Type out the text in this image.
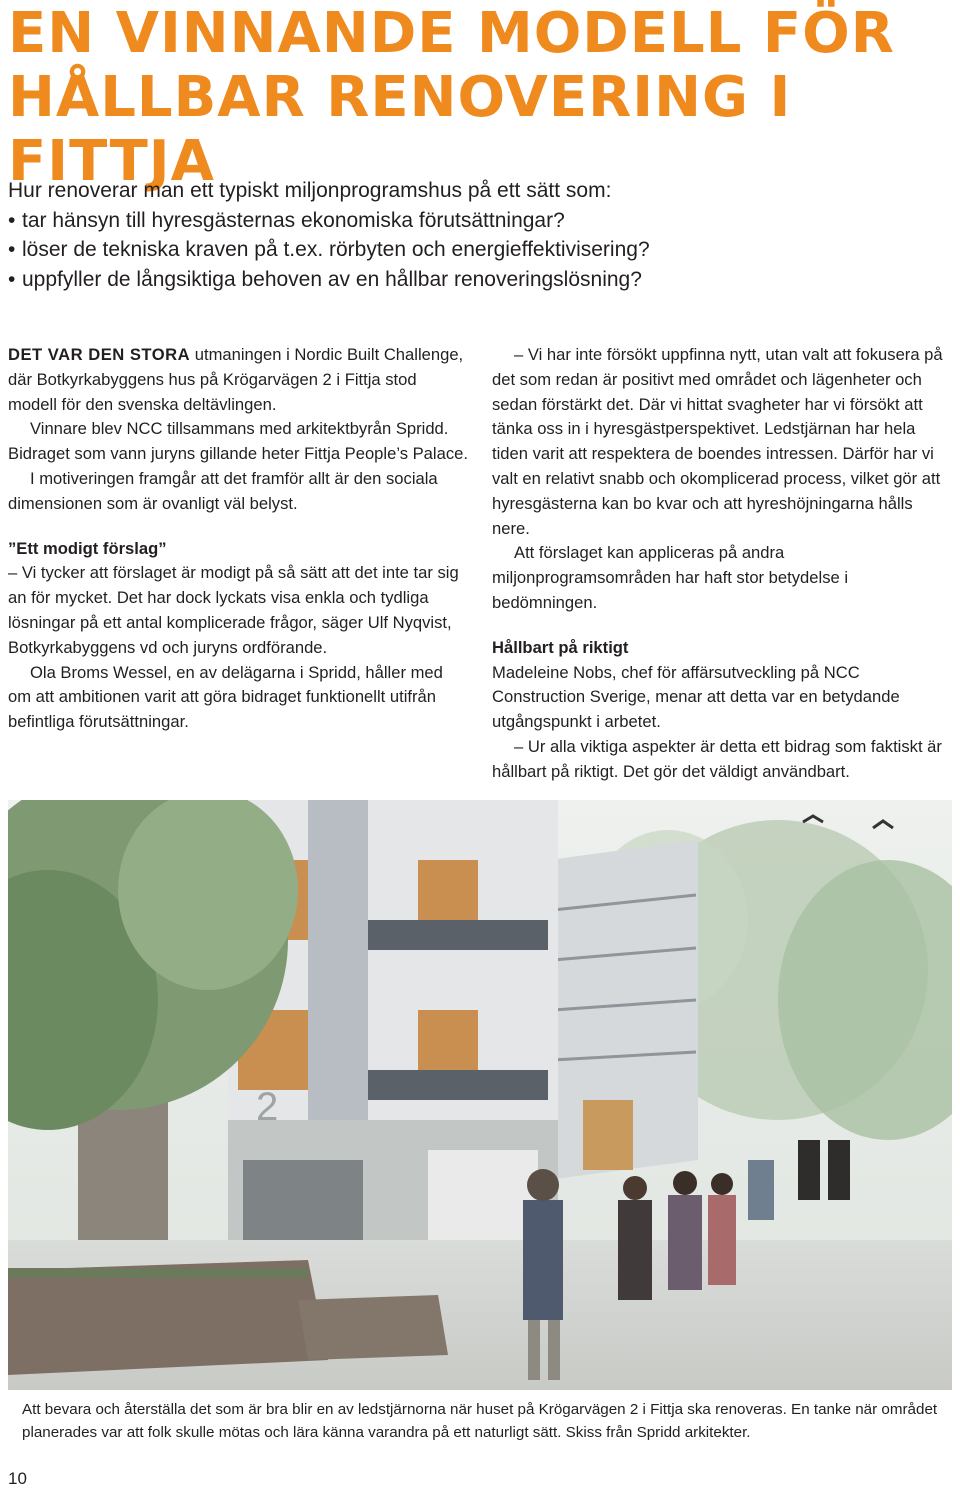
EN VINNANDE MODELL FÖR
HÅLLBAR RENOVERING I FITTJA
Hur renoverar man ett typiskt miljonprogramshus på ett sätt som:
• tar hänsyn till hyresgästernas ekonomiska förutsättningar?
• löser de tekniska kraven på t.ex. rörbyten och energieffektivisering?
• uppfyller de långsiktiga behoven av en hållbar renoveringslösning?

DET VAR DEN STORA utmaningen i Nordic Built Challenge, där Botkyrkabyggens hus på Krögarvägen 2 i Fittja stod modell för den svenska deltävlingen.

Vinnare blev NCC tillsammans med arkitektbyrån Spridd. Bidraget som vann juryns gillande heter Fittja People’s Palace.

I motiveringen framgår att det framför allt är den sociala dimensionen som är ovanligt väl belyst.

”Ett modigt förslag”

– Vi tycker att förslaget är modigt på så sätt att det inte tar sig an för mycket. Det har dock lyckats visa enkla och tydliga lösningar på ett antal komplicerade frågor, säger Ulf Nyqvist, Botkyrkabyggens vd och juryns ordförande.

Ola Broms Wessel, en av delägarna i Spridd, håller med om att ambitionen varit att göra bidraget funktionellt utifrån befintliga förutsättningar.

– Vi har inte försökt uppfinna nytt, utan valt att fokusera på det som redan är positivt med området och lägenheter och sedan förstärkt det. Där vi hittat svagheter har vi försökt att tänka oss in i hyresgästperspektivet. Ledstjärnan har hela tiden varit att respektera de boendes intressen. Därför har vi valt en relativt snabb och okomplicerad process, vilket gör att hyresgästerna kan bo kvar och att hyreshöjningarna hålls nere.

Att förslaget kan appliceras på andra miljonprogramsområden har haft stor betydelse i bedömningen.

Hållbart på riktigt

Madeleine Nobs, chef för affärsutveckling på NCC Construction Sverige, menar att detta var en betydande utgångspunkt i arbetet.

– Ur alla viktiga aspekter är detta ett bidrag som faktiskt är hållbart på riktigt. Det gör det väldigt användbart.

2
Att bevara och återställa det som är bra blir en av ledstjärnorna när huset på Krögarvägen 2 i Fittja ska renoveras. En tanke när området planerades var att folk skulle mötas och lära känna varandra på ett naturligt sätt. Skiss från Spridd arkitekter.
10
